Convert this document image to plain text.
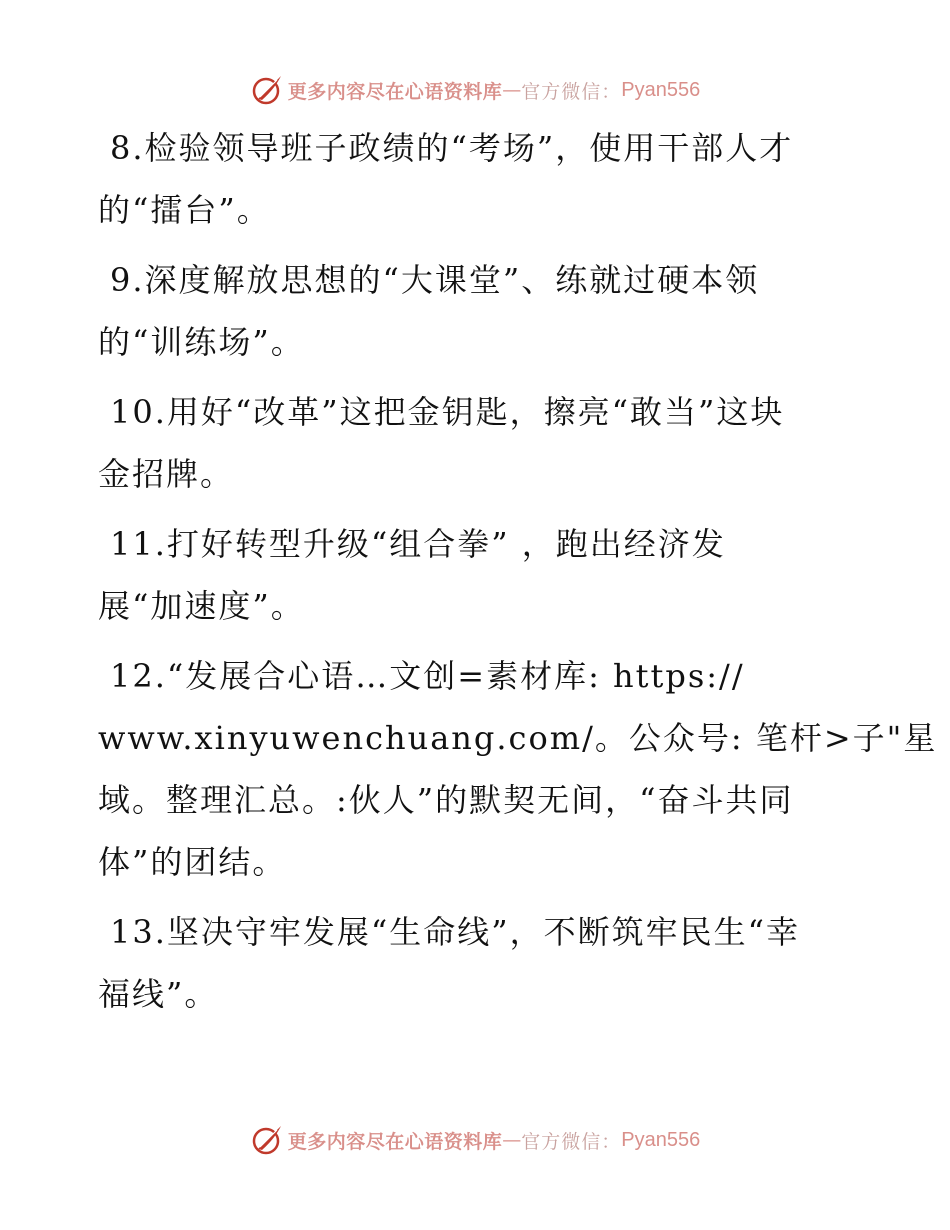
更多内容尽在心语资料库 — 官方微信： Pyan556
8.检验领导班子政绩的“考场”，使用干部人才
的“擂台”。
9.深度解放思想的“大课堂”、练就过硬本领
的“训练场”。
10.用好“改革”这把金钥匙，擦亮“敢当”这块
金招牌。
11.打好转型升级“组合拳” ，跑出经济发
展“加速度”。
12.“发展合心语…文创=素材库: https://
www.xinyuwenchuang.com/。公众号: 笔杆>子"星
域。整理汇总。:伙人”的默契无间，“奋斗共同
体”的团结。
13.坚决守牢发展“生命线”，不断筑牢民生“幸
福线”。
更多内容尽在心语资料库 — 官方微信： Pyan556
